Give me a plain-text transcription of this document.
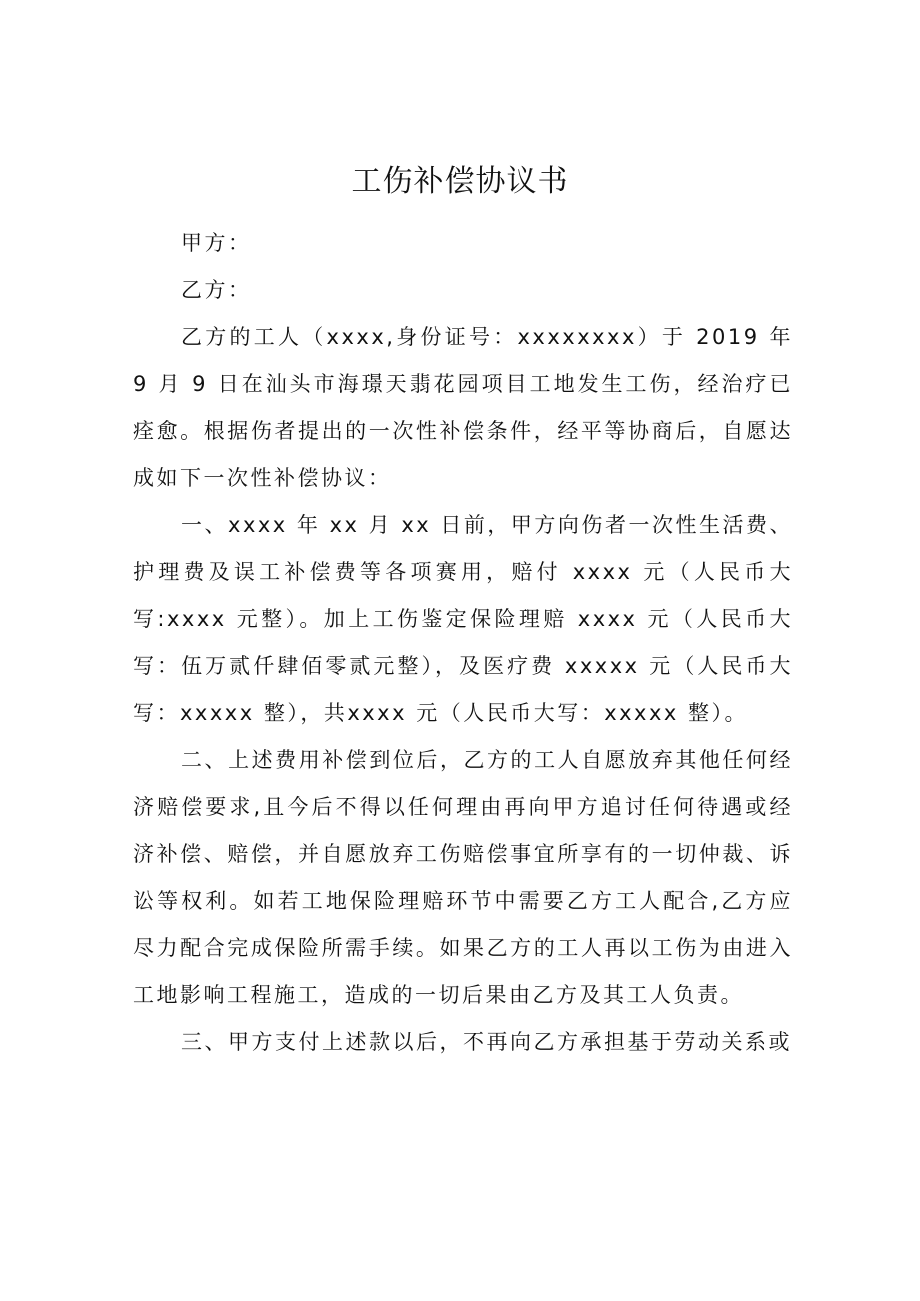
工伤补偿协议书

甲方：

乙方：

乙方的工人（xxxx,身份证号：xxxxxxxx）于 2019 年 9 月 9 日在汕头市海璟天翡花园项目工地发生工伤，经治疗已痊愈。根据伤者提出的一次性补偿条件，经平等协商后，自愿达成如下一次性补偿协议：

一、xxxx 年 xx 月 xx 日前，甲方向伤者一次性生活费、护理费及误工补偿费等各项赛用，赔付 xxxx 元（人民币大写:xxxx 元整）。加上工伤鉴定保险理赔 xxxx 元（人民币大写：伍万贰仟肆佰零贰元整），及医疗费 xxxxx 元（人民币大写：xxxxx 整），共xxxx 元（人民币大写：xxxxx 整）。

二、上述费用补偿到位后，乙方的工人自愿放弃其他任何经济赔偿要求,且今后不得以任何理由再向甲方追讨任何待遇或经济补偿、赔偿，并自愿放弃工伤赔偿事宜所享有的一切仲裁、诉讼等权利。如若工地保险理赔环节中需要乙方工人配合,乙方应尽力配合完成保险所需手续。如果乙方的工人再以工伤为由进入工地影响工程施工，造成的一切后果由乙方及其工人负责。

三、甲方支付上述款以后，不再向乙方承担基于劳动关系或
